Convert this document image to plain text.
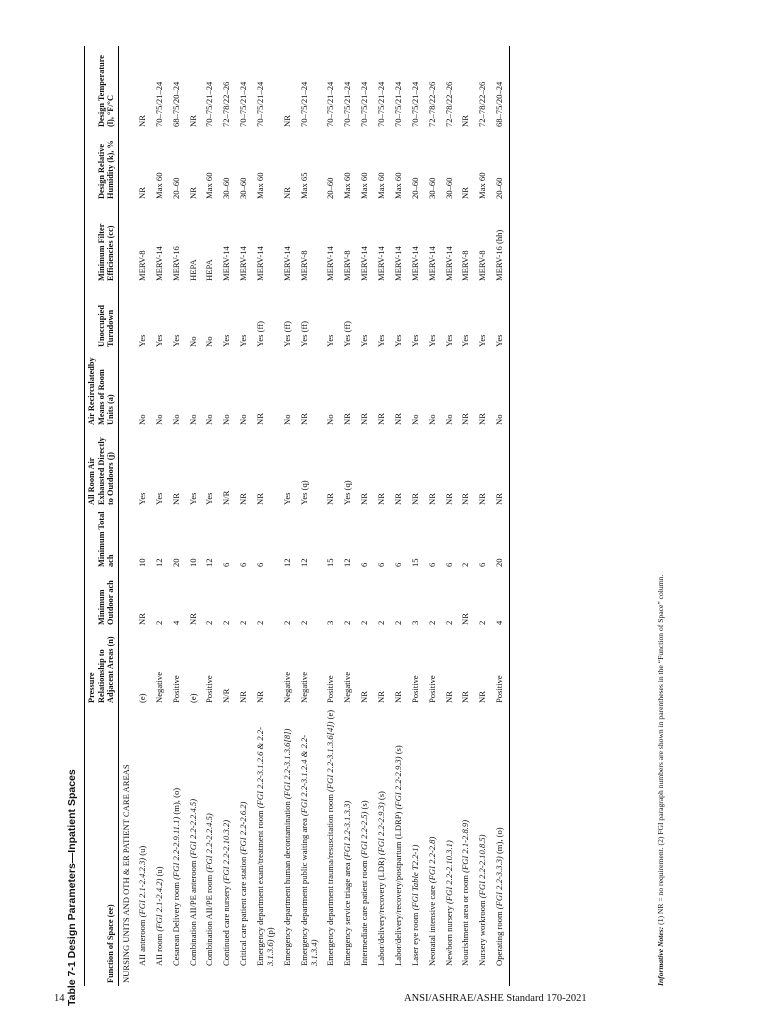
Table 7-1 Design Parameters—Inpatient Spaces	Function of Space (ee)	Pressure Relationship to Adjacent Areas (n)	Minimum Outdoor ach	Minimum Total ach	All Room Air Exhausted Directly to Outdoors (j)	Air Recirculatedby Means of Room Units (a)	Unoccupied Turndown	Minimum Filter Efficiencies (cc)	Design Relative Humidity (k), %	Design Temperature (l), °F/°C
NURSING UNITS AND OTH & ER PATIENT CARE AREAS									
AII anteroom (FGI 2.1-2.4.2.3) (u)	(e)	NR	10	Yes	No	Yes	MERV-8	NR	NR
AII room (FGI 2.1-2.4.2) (u)	Negative	2	12	Yes	No	Yes	MERV-14	Max 60	70–75/21–24
Cesarean Delivery room (FGI 2.2-2.9.11.1) (m), (o)	Positive	4	20	NR	No	Yes	MERV-16	20–60	68–75/20–24
Combination AII/PE anteroom (FGI 2.2-2.2.4.5)	(e)	NR	10	Yes	No	No	HEPA	NR	NR
Combination AII/PE room (FGI 2.2-2.2.4.5)	Positive	2	12	Yes	No	No	HEPA	Max 60	70–75/21–24
Continued care nursery (FGI 2.2-2.10.3.2)	N/R	2	6	N/R	No	Yes	MERV-14	30–60	72–78/22–26
Critical care patient care station (FGI 2.2-2.6.2)	NR	2	6	NR	No	Yes	MERV-14	30–60	70–75/21–24
Emergency department exam/treatment room (FGI 2.2-3.1.2.6 & 2.2-3.1.3.6) (p)	NR	2	6	NR	NR	Yes (ff)	MERV-14	Max 60	70–75/21–24
Emergency department human decontamination (FGI 2.2-3.1.3.6[8])	Negative	2	12	Yes	No	Yes (ff)	MERV-14	NR	NR
Emergency department public waiting area (FGI 2.2-3.1.2.4 & 2.2-3.1.3.4)	Negative	2	12	Yes (q)	NR	Yes (ff)	MERV-8	Max 65	70–75/21–24
Emergency department trauma/resuscitation room (FGI 2.2-3.1.3.6[4]) (e)	Positive	3	15	NR	No	Yes	MERV-14	20–60	70–75/21–24
Emergency service triage area (FGI 2.2-3.1.3.3)	Negative	2	12	Yes (q)	NR	Yes (ff)	MERV-8	Max 60	70–75/21–24
Intermediate care patient room (FGI 2.2-2.5) (s)	NR	2	6	NR	NR	Yes	MERV-14	Max 60	70–75/21–24
Labor/delivery/recovery (LDR) (FGI 2.2-2.9.3) (s)	NR	2	6	NR	NR	Yes	MERV-14	Max 60	70–75/21–24
Labor/delivery/recovery/postpartum (LDRP) (FGI 2.2-2.9.3) (s)	NR	2	6	NR	NR	Yes	MERV-14	Max 60	70–75/21–24
Laser eye room (FGI Table T2.2-1)	Positive	3	15	NR	No	Yes	MERV-14	20–60	70–75/21–24
Neonatal intensive care (FGI 2.2-2.8)	Positive	2	6	NR	No	Yes	MERV-14	30–60	72–78/22–26
Newborn nursery (FGI 2.2-2.10.3.1)	NR	2	6	NR	No	Yes	MERV-14	30–60	72–78/22–26
Nourishment area or room (FGI 2.1-2.8.9)	NR	NR	2	NR	NR	Yes	MERV-8	NR	NR
Nursery workroom (FGI 2.2-2.10.8.5)	NR	2	6	NR	NR	Yes	MERV-8	Max 60	72–78/22–26
Operating room (FGI 2.2-3.3.3) (m), (o)	Positive	4	20	NR	No	Yes	MERV-16 (hh)	20–60	68–75/20–24
Informative Notes: (1) NR = no requirement. (2) FGI paragraph numbers are shown in parentheses in the “Function of Space” column.
14	ANSI/ASHRAE/ASHE Standard 170-2021
